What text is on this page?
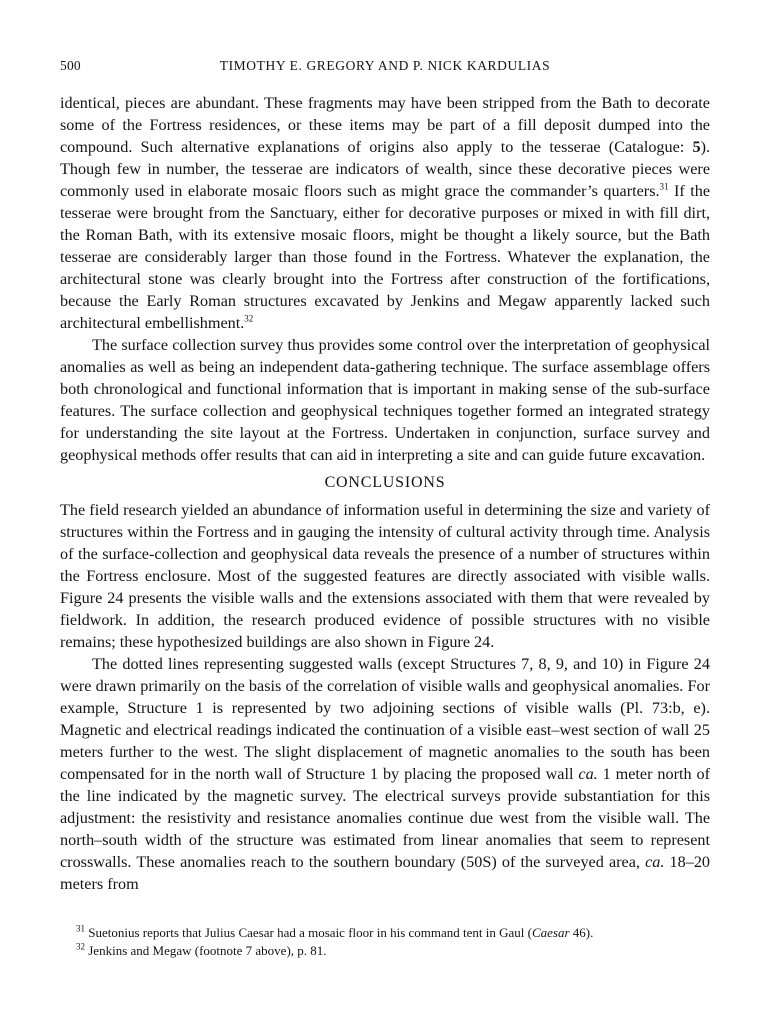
500	TIMOTHY E. GREGORY AND P. NICK KARDULIAS

identical, pieces are abundant. These fragments may have been stripped from the Bath to decorate some of the Fortress residences, or these items may be part of a fill deposit dumped into the compound. Such alternative explanations of origins also apply to the tesserae (Catalogue: 5). Though few in number, the tesserae are indicators of wealth, since these decorative pieces were commonly used in elaborate mosaic floors such as might grace the commander’s quarters.$^{31}$ If the tesserae were brought from the Sanctuary, either for decorative purposes or mixed in with fill dirt, the Roman Bath, with its extensive mosaic floors, might be thought a likely source, but the Bath tesserae are considerably larger than those found in the Fortress. Whatever the explanation, the architectural stone was clearly brought into the Fortress after construction of the fortifications, because the Early Roman structures excavated by Jenkins and Megaw apparently lacked such architectural embellishment.$^{32}$

The surface collection survey thus provides some control over the interpretation of geophysical anomalies as well as being an independent data-gathering technique. The surface assemblage offers both chronological and functional information that is important in making sense of the sub-surface features. The surface collection and geophysical techniques together formed an integrated strategy for understanding the site layout at the Fortress. Undertaken in conjunction, surface survey and geophysical methods offer results that can aid in interpreting a site and can guide future excavation.

CONCLUSIONS

The field research yielded an abundance of information useful in determining the size and variety of structures within the Fortress and in gauging the intensity of cultural activity through time. Analysis of the surface-collection and geophysical data reveals the presence of a number of structures within the Fortress enclosure. Most of the suggested features are directly associated with visible walls. Figure 24 presents the visible walls and the extensions associated with them that were revealed by fieldwork. In addition, the research produced evidence of possible structures with no visible remains; these hypothesized buildings are also shown in Figure 24.

The dotted lines representing suggested walls (except Structures 7, 8, 9, and 10) in Figure 24 were drawn primarily on the basis of the correlation of visible walls and geophysical anomalies. For example, Structure 1 is represented by two adjoining sections of visible walls (Pl. 73:b, e). Magnetic and electrical readings indicated the continuation of a visible east–west section of wall 25 meters further to the west. The slight displacement of magnetic anomalies to the south has been compensated for in the north wall of Structure 1 by placing the proposed wall ca. 1 meter north of the line indicated by the magnetic survey. The electrical surveys provide substantiation for this adjustment: the resistivity and resistance anomalies continue due west from the visible wall. The north–south width of the structure was estimated from linear anomalies that seem to represent crosswalls. These anomalies reach to the southern boundary (50S) of the surveyed area, ca. 18–20 meters from

$^{31}$ Suetonius reports that Julius Caesar had a mosaic floor in his command tent in Gaul (Caesar 46).

$^{32}$ Jenkins and Megaw (footnote 7 above), p. 81.
